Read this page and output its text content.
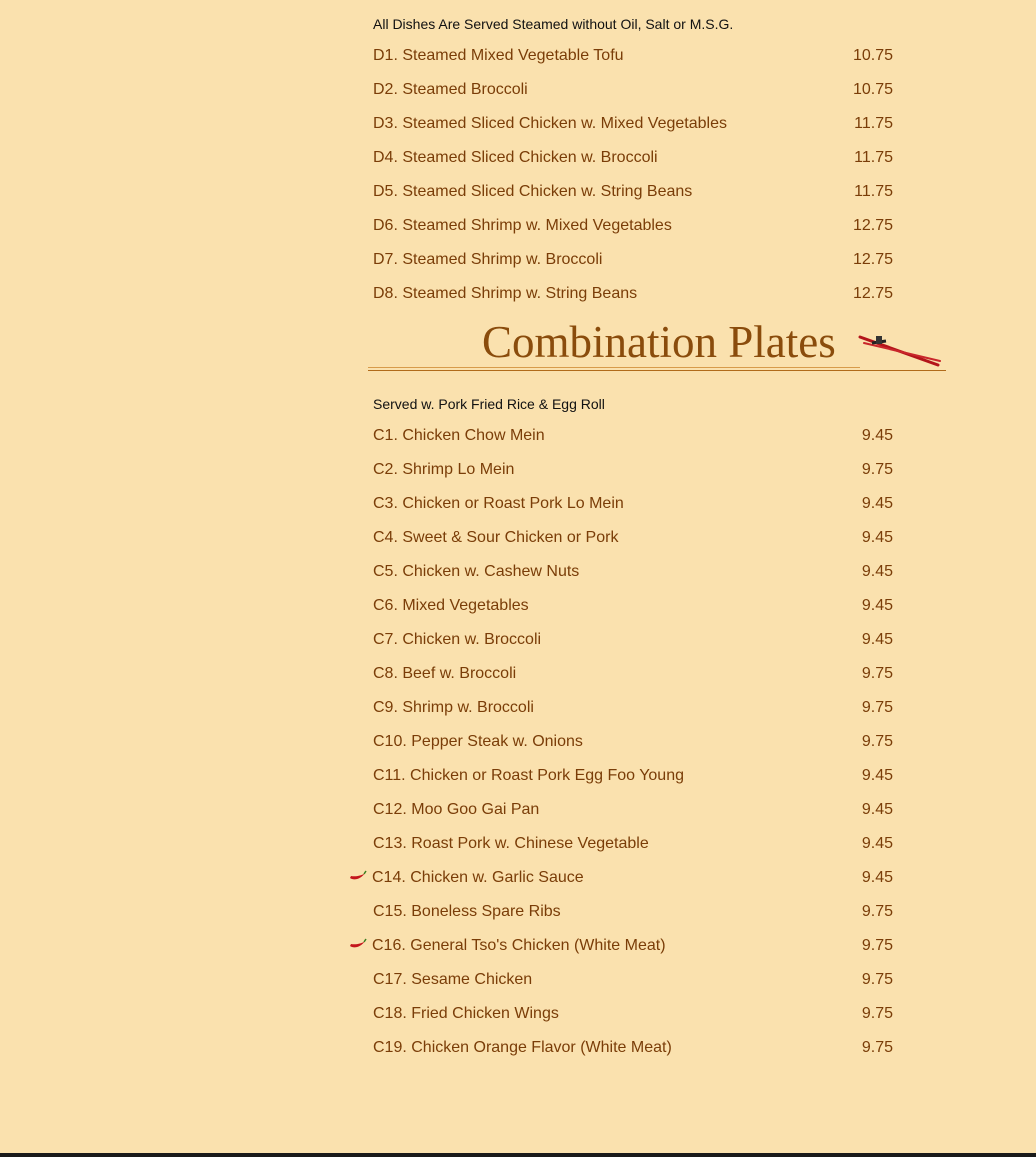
All Dishes Are Served Steamed without Oil, Salt or M.S.G.
D1. Steamed Mixed Vegetable Tofu	10.75
D2. Steamed Broccoli	10.75
D3. Steamed Sliced Chicken w. Mixed Vegetables	11.75
D4. Steamed Sliced Chicken w. Broccoli	11.75
D5. Steamed Sliced Chicken w. String Beans	11.75
D6. Steamed Shrimp w. Mixed Vegetables	12.75
D7. Steamed Shrimp w. Broccoli	12.75
D8. Steamed Shrimp w. String Beans	12.75
Combination Plates
Served w. Pork Fried Rice & Egg Roll
C1. Chicken Chow Mein	9.45
C2. Shrimp Lo Mein	9.75
C3. Chicken or Roast Pork Lo Mein	9.45
C4. Sweet & Sour Chicken or Pork	9.45
C5. Chicken w. Cashew Nuts	9.45
C6. Mixed Vegetables	9.45
C7. Chicken w. Broccoli	9.45
C8. Beef w. Broccoli	9.75
C9. Shrimp w. Broccoli	9.75
C10. Pepper Steak w. Onions	9.75
C11. Chicken or Roast Pork Egg Foo Young	9.45
C12. Moo Goo Gai Pan	9.45
C13. Roast Pork w. Chinese Vegetable	9.45
C14. Chicken w. Garlic Sauce	9.45
C15. Boneless Spare Ribs	9.75
C16. General Tso's Chicken (White Meat)	9.75
C17. Sesame Chicken	9.75
C18. Fried Chicken Wings	9.75
C19. Chicken Orange Flavor (White Meat)	9.75
